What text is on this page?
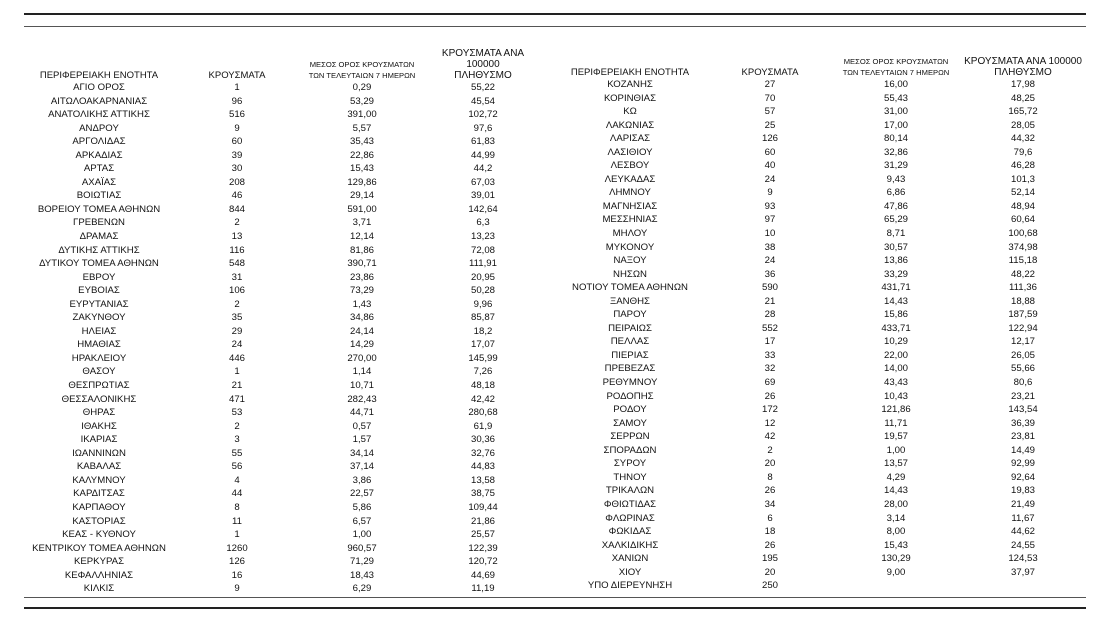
ΠΕΡΙΦΕΡΕΙΑΚΗ ΕΝΟΤΗΤΑ	ΚΡΟΥΣΜΑΤΑ	ΜΕΣΟΣ ΟΡΟΣ ΚΡΟΥΣΜΑΤΩΝ
ΤΩΝ ΤΕΛΕΥΤΑΙΩΝ 7 ΗΜΕΡΩΝ	ΚΡΟΥΣΜΑΤΑ ΑΝΑ 100000
ΠΛΗΘΥΣΜΟ
ΑΓΙΟ ΟΡΟΣ	1	0,29	55,22
ΑΙΤΩΛΟΑΚΑΡΝΑΝΙΑΣ	96	53,29	45,54
ΑΝΑΤΟΛΙΚΗΣ ΑΤΤΙΚΗΣ	516	391,00	102,72
ΑΝΔΡΟΥ	9	5,57	97,6
ΑΡΓΟΛΙΔΑΣ	60	35,43	61,83
ΑΡΚΑΔΙΑΣ	39	22,86	44,99
ΑΡΤΑΣ	30	15,43	44,2
ΑΧΑΪΑΣ	208	129,86	67,03
ΒΟΙΩΤΙΑΣ	46	29,14	39,01
ΒΟΡΕΙΟΥ ΤΟΜΕΑ ΑΘΗΝΩΝ	844	591,00	142,64
ΓΡΕΒΕΝΩΝ	2	3,71	6,3
ΔΡΑΜΑΣ	13	12,14	13,23
ΔΥΤΙΚΗΣ ΑΤΤΙΚΗΣ	116	81,86	72,08
ΔΥΤΙΚΟΥ ΤΟΜΕΑ ΑΘΗΝΩΝ	548	390,71	111,91
ΕΒΡΟΥ	31	23,86	20,95
ΕΥΒΟΙΑΣ	106	73,29	50,28
ΕΥΡΥΤΑΝΙΑΣ	2	1,43	9,96
ΖΑΚΥΝΘΟΥ	35	34,86	85,87
ΗΛΕΙΑΣ	29	24,14	18,2
ΗΜΑΘΙΑΣ	24	14,29	17,07
ΗΡΑΚΛΕΙΟΥ	446	270,00	145,99
ΘΑΣΟΥ	1	1,14	7,26
ΘΕΣΠΡΩΤΙΑΣ	21	10,71	48,18
ΘΕΣΣΑΛΟΝΙΚΗΣ	471	282,43	42,42
ΘΗΡΑΣ	53	44,71	280,68
ΙΘΑΚΗΣ	2	0,57	61,9
ΙΚΑΡΙΑΣ	3	1,57	30,36
ΙΩΑΝΝΙΝΩΝ	55	34,14	32,76
ΚΑΒΑΛΑΣ	56	37,14	44,83
ΚΑΛΥΜΝΟΥ	4	3,86	13,58
ΚΑΡΔΙΤΣΑΣ	44	22,57	38,75
ΚΑΡΠΑΘΟΥ	8	5,86	109,44
ΚΑΣΤΟΡΙΑΣ	11	6,57	21,86
ΚΕΑΣ - ΚΥΘΝΟΥ	1	1,00	25,57
ΚΕΝΤΡΙΚΟΥ ΤΟΜΕΑ ΑΘΗΝΩΝ	1260	960,57	122,39
ΚΕΡΚΥΡΑΣ	126	71,29	120,72
ΚΕΦΑΛΛΗΝΙΑΣ	16	18,43	44,69
ΚΙΛΚΙΣ	9	6,29	11,19
ΠΕΡΙΦΕΡΕΙΑΚΗ ΕΝΟΤΗΤΑ	ΚΡΟΥΣΜΑΤΑ	ΜΕΣΟΣ ΟΡΟΣ ΚΡΟΥΣΜΑΤΩΝ
ΤΩΝ ΤΕΛΕΥΤΑΙΩΝ 7 ΗΜΕΡΩΝ	ΚΡΟΥΣΜΑΤΑ ΑΝΑ 100000
ΠΛΗΘΥΣΜΟ
ΚΟΖΑΝΗΣ	27	16,00	17,98
ΚΟΡΙΝΘΙΑΣ	70	55,43	48,25
ΚΩ	57	31,00	165,72
ΛΑΚΩΝΙΑΣ	25	17,00	28,05
ΛΑΡΙΣΑΣ	126	80,14	44,32
ΛΑΣΙΘΙΟΥ	60	32,86	79,6
ΛΕΣΒΟΥ	40	31,29	46,28
ΛΕΥΚΑΔΑΣ	24	9,43	101,3
ΛΗΜΝΟΥ	9	6,86	52,14
ΜΑΓΝΗΣΙΑΣ	93	47,86	48,94
ΜΕΣΣΗΝΙΑΣ	97	65,29	60,64
ΜΗΛΟΥ	10	8,71	100,68
ΜΥΚΟΝΟΥ	38	30,57	374,98
ΝΑΞΟΥ	24	13,86	115,18
ΝΗΣΩΝ	36	33,29	48,22
ΝΟΤΙΟΥ ΤΟΜΕΑ ΑΘΗΝΩΝ	590	431,71	111,36
ΞΑΝΘΗΣ	21	14,43	18,88
ΠΑΡΟΥ	28	15,86	187,59
ΠΕΙΡΑΙΩΣ	552	433,71	122,94
ΠΕΛΛΑΣ	17	10,29	12,17
ΠΙΕΡΙΑΣ	33	22,00	26,05
ΠΡΕΒΕΖΑΣ	32	14,00	55,66
ΡΕΘΥΜΝΟΥ	69	43,43	80,6
ΡΟΔΟΠΗΣ	26	10,43	23,21
ΡΟΔΟΥ	172	121,86	143,54
ΣΑΜΟΥ	12	11,71	36,39
ΣΕΡΡΩΝ	42	19,57	23,81
ΣΠΟΡΑΔΩΝ	2	1,00	14,49
ΣΥΡΟΥ	20	13,57	92,99
ΤΗΝΟΥ	8	4,29	92,64
ΤΡΙΚΑΛΩΝ	26	14,43	19,83
ΦΘΙΩΤΙΔΑΣ	34	28,00	21,49
ΦΛΩΡΙΝΑΣ	6	3,14	11,67
ΦΩΚΙΔΑΣ	18	8,00	44,62
ΧΑΛΚΙΔΙΚΗΣ	26	15,43	24,55
ΧΑΝΙΩΝ	195	130,29	124,53
ΧΙΟΥ	20	9,00	37,97
ΥΠΟ ΔΙΕΡΕΥΝΗΣΗ	250		
